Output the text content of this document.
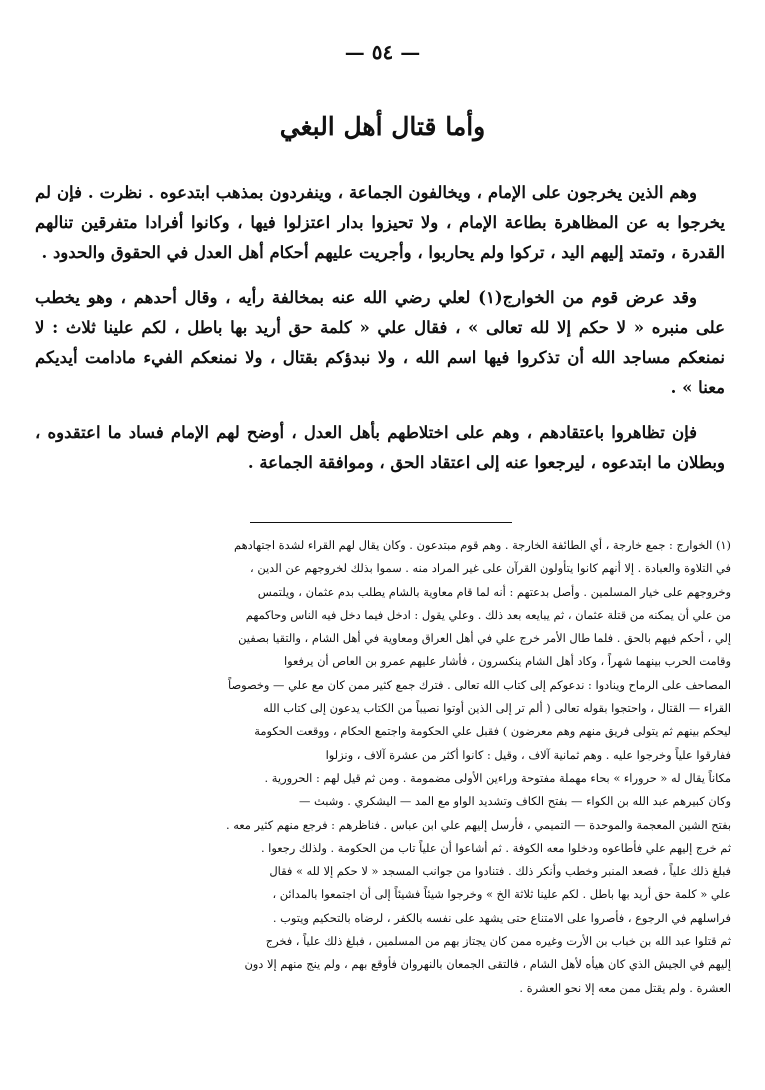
— ٥٤ —
وأما قتال أهل البغي

وهم الذين يخرجون على الإمام ، ويخالفون الجماعة ، وينفردون بمذهب ابتدعوه . نظرت . فإن لم يخرجوا به عن المظاهرة بطاعة الإمام ، ولا تحيزوا بدار اعتزلوا فيها ، وكانوا أفرادا متفرقين تنالهم القدرة ، وتمتد إليهم اليد ، تركوا ولم يحاربوا ، وأجريت عليهم أحكام أهل العدل في الحقوق والحدود .

وقد عرض قوم من الخوارج(١) لعلي رضي الله عنه بمخالفة رأيه ، وقال أحدهم ، وهو يخطب على منبره « لا حكم إلا لله تعالى » ، فقال علي « كلمة حق أريد بها باطل ، لكم علينا ثلاث : لا نمنعكم مساجد الله أن تذكروا فيها اسم الله ، ولا نبدؤكم بقتال ، ولا نمنعكم الفيء مادامت أيديكم معنا » .

فإن تظاهروا باعتقادهم ، وهم على اختلاطهم بأهل العدل ، أوضح لهم الإمام فساد ما اعتقدوه ، وبطلان ما ابتدعوه ، ليرجعوا عنه إلى اعتقاد الحق ، وموافقة الجماعة .

(١) الخوارج : جمع خارجة ، أي الطائفة الخارجة . وهم قوم مبتدعون . وكان يقال لهم القراء لشدة اجتهادهم

في التلاوة والعبادة . إلا أنهم كانوا يتأولون القرآن على غير المراد منه . سموا بذلك لخروجهم عن الدين ،

وخروجهم على خيار المسلمين . وأصل بدعتهم : أنه لما قام معاوية بالشام يطلب بدم عثمان ، ويلتمس

من علي أن يمكنه من قتلة عثمان ، ثم يبايعه بعد ذلك . وعلي يقول : ادخل فيما دخل فيه الناس وحاكمهم

إلي ، أحكم فيهم بالحق . فلما طال الأمر خرج علي في أهل العراق ومعاوية في أهل الشام ، والتقيا بصفين

وقامت الحرب بينهما شهراً ، وكاد أهل الشام ينكسرون ، فأشار عليهم عمرو بن العاص أن يرفعوا

المصاحف على الرماح وينادوا : ندعوكم إلى كتاب الله تعالى . فترك جمع كثير ممن كان مع علي — وخصوصاً

القراء — القتال ، واحتجوا بقوله تعالى ( ألم تر إلى الذين أوتوا نصيباً من الكتاب يدعون إلى كتاب الله

ليحكم بينهم ثم يتولى فريق منهم وهم معرضون ) فقبل علي الحكومة واجتمع الحكام ، ووقعت الحكومة

ففارقوا علياً وخرجوا عليه . وهم ثمانية آلاف ، وقيل : كانوا أكثر من عشرة آلاف ، ونزلوا

مكاناً يقال له « حروراء » بحاء مهملة مفتوحة وراءين الأولى مضمومة . ومن ثم قيل لهم : الحرورية .

وكان كبيرهم عبد الله بن الكواء — بفتح الكاف وتشديد الواو مع المد — اليشكري . وشبث —

بفتح الشين المعجمة والموحدة — التميمي ، فأرسل إليهم علي ابن عباس . فناظرهم : فرجع منهم كثير معه .

ثم خرج إليهم علي فأطاعوه ودخلوا معه الكوفة . ثم أشاعوا أن علياً تاب من الحكومة . ولذلك رجعوا .

فبلغ ذلك علياً ، فصعد المنبر وخطب وأنكر ذلك . فتنادوا من جوانب المسجد « لا حكم إلا لله » فقال

علي « كلمة حق أريد بها باطل . لكم علينا ثلاثة الخ » وخرجوا شيئاً فشيئاً إلى أن اجتمعوا بالمدائن ،

فراسلهم في الرجوع ، فأصروا على الامتناع حتى يشهد على نفسه بالكفر ، لرضاه بالتحكيم ويتوب .

ثم قتلوا عبد الله بن خباب بن الأرت وغيره ممن كان يجتاز بهم من المسلمين ، فبلغ ذلك علياً ، فخرج

إليهم في الجيش الذي كان هيأه لأهل الشام ، فالتقى الجمعان بالنهروان فأوقع بهم ، ولم ينج منهم إلا دون

العشرة . ولم يقتل ممن معه إلا نحو العشرة .
